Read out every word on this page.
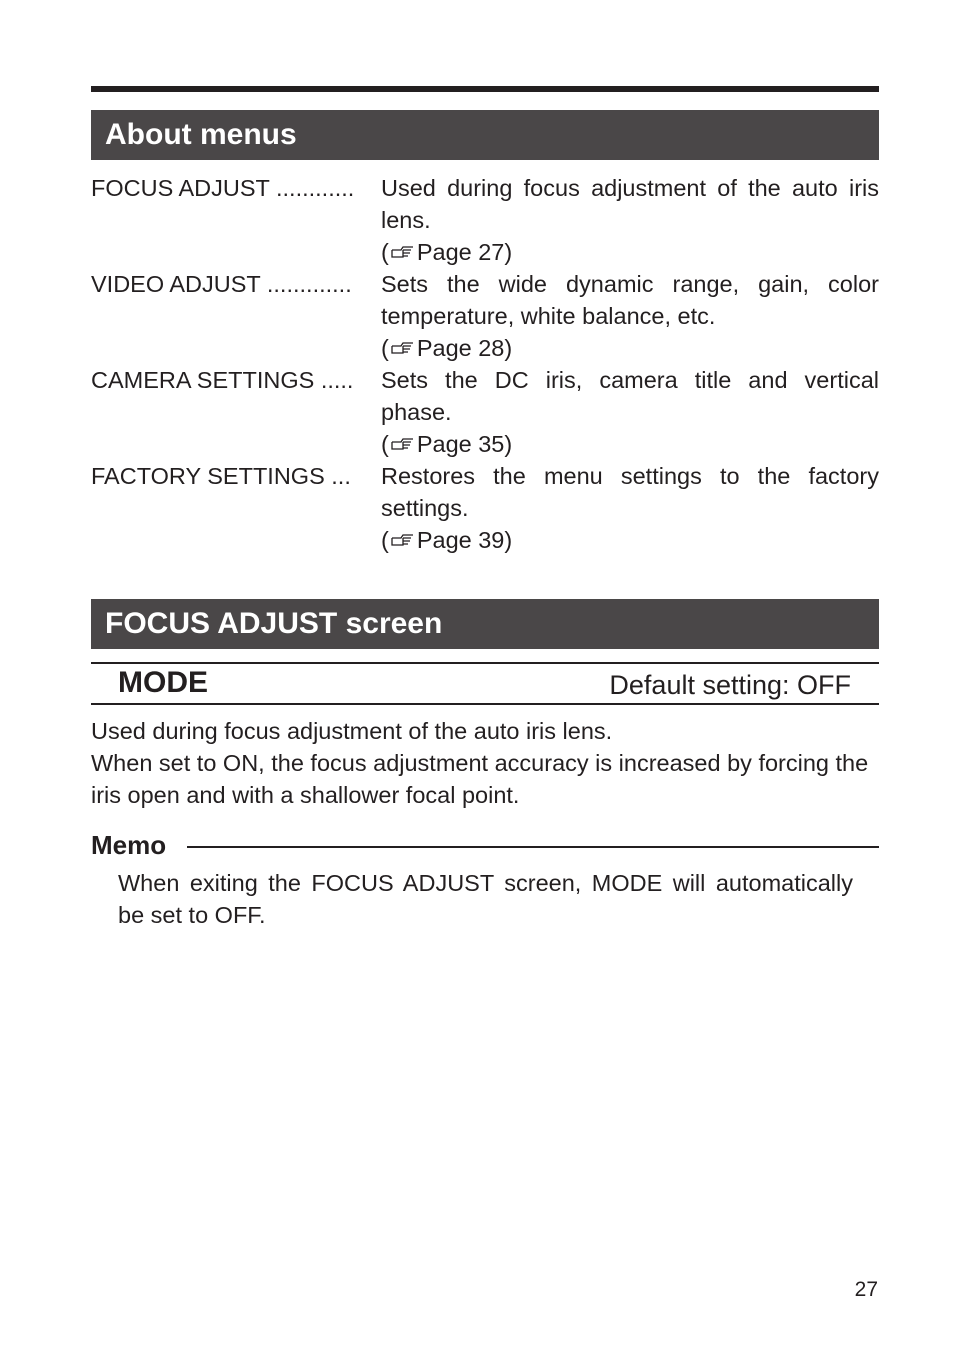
About menus
FOCUS ADJUST ............	Used during focus adjustment of the auto iris lens.
( Page 27)
VIDEO ADJUST .............	Sets the wide dynamic range, gain, color temperature, white balance, etc.
( Page 28)
CAMERA SETTINGS .....	Sets the DC iris, camera title and vertical phase.
( Page 35)
FACTORY SETTINGS ...	Restores the menu settings to the factory settings.
( Page 39)
FOCUS ADJUST screen
MODE	Default setting: OFF
Used during focus adjustment of the auto iris lens.
When set to ON, the focus adjustment accuracy is increased by forcing the iris open and with a shallower focal point.
Memo
When exiting the FOCUS ADJUST screen, MODE will automatically be set to OFF.
27
